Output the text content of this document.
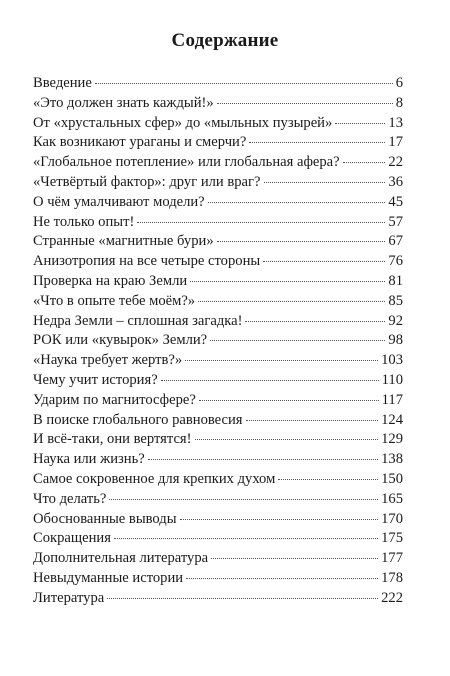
Содержание
Введение	6
«Это должен знать каждый!»	8
От «хрустальных сфер» до «мыльных пузырей»	13
Как возникают ураганы и смерчи?	17
«Глобальное потепление» или глобальная афера?	22
«Четвёртый фактор»: друг или враг?	36
О чём умалчивают модели?	45
Не только опыт!	57
Странные «магнитные бури»	67
Анизотропия на все четыре стороны	76
Проверка на краю Земли	81
«Что в опыте тебе моём?»	85
Недра Земли – сплошная загадка!	92
РОК или «кувырок» Земли?	98
«Наука требует жертв?»	103
Чему учит история?	110
Ударим по магнитосфере?	117
В поиске глобального равновесия	124
И всё-таки, они вертятся!	129
Наука или жизнь?	138
Самое сокровенное для крепких духом	150
Что делать?	165
Обоснованные выводы	170
Сокращения	175
Дополнительная литература	177
Невыдуманные истории	178
Литература	222
